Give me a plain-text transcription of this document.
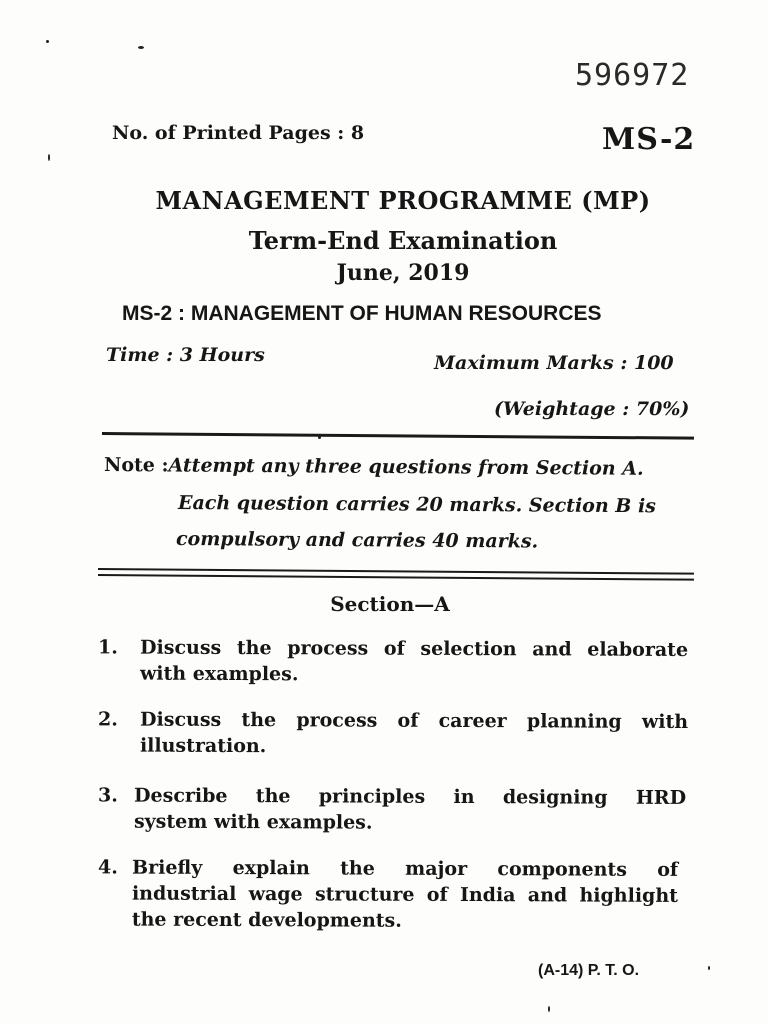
596972
No. of Printed Pages : 8	MS-2
MANAGEMENT PROGRAMME (MP)
Term-End Examination
June, 2019
MS-2 : MANAGEMENT OF HUMAN RESOURCES
Time : 3 Hours	Maximum Marks : 100
(Weightage : 70%)
Note :Attempt any three questions from Section A.
Each question carries 20 marks. Section B is
compulsory and carries 40 marks.
Section—A
1. Discuss the process of selection and elaborate
with examples.
2. Discuss the process of career planning with
illustration.
3. Describe the principles in designing HRD
system with examples.
4. Briefly explain the major components of
industrial wage structure of India and highlight
the recent developments.
(A-14) P. T. O.
